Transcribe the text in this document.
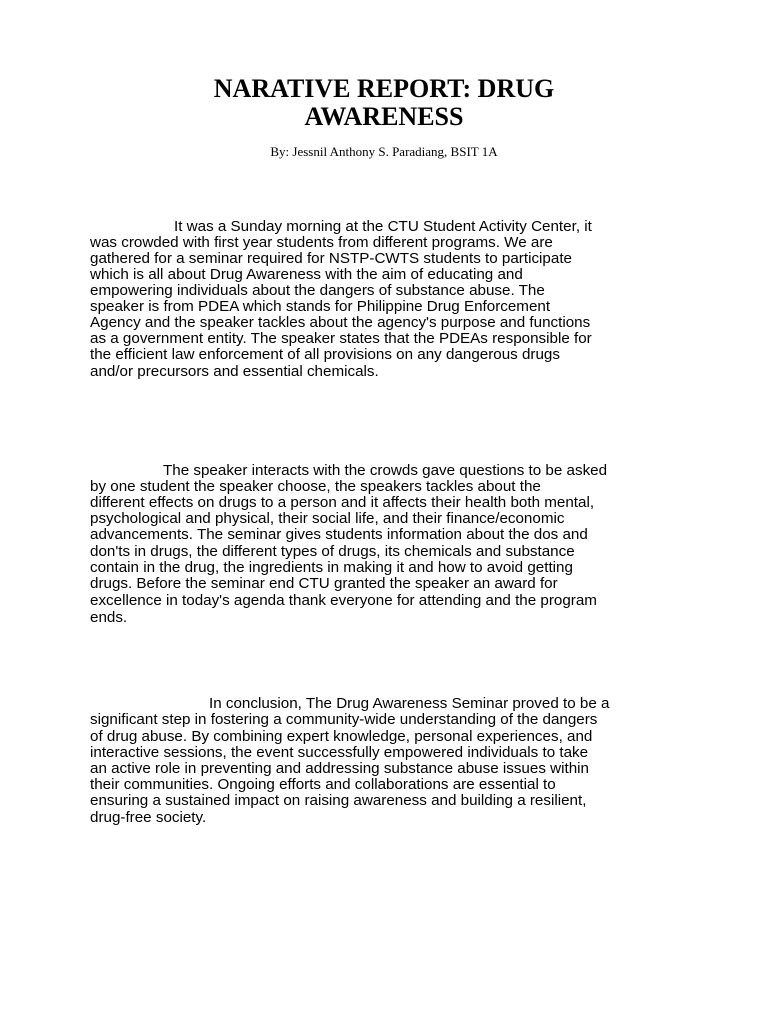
NARATIVE REPORT: DRUG
AWARENESS
By: Jessnil Anthony S. Paradiang, BSIT 1A
It was a Sunday morning at the CTU Student Activity Center, it
was crowded with first year students from different programs. We are
gathered for a seminar required for NSTP-CWTS students to participate
which is all about Drug Awareness with the aim of educating and
empowering individuals about the dangers of substance abuse. The
speaker is from PDEA which stands for Philippine Drug Enforcement
Agency and the speaker tackles about the agency's purpose and functions
as a government entity. The speaker states that the PDEAs responsible for
the efficient law enforcement of all provisions on any dangerous drugs
and/or precursors and essential chemicals.
The speaker interacts with the crowds gave questions to be asked
by one student the speaker choose, the speakers tackles about the
different effects on drugs to a person and it affects their health both mental,
psychological and physical, their social life, and their finance/economic
advancements. The seminar gives students information about the dos and
don'ts in drugs, the different types of drugs, its chemicals and substance
contain in the drug, the ingredients in making it and how to avoid getting
drugs. Before the seminar end CTU granted the speaker an award for
excellence in today's agenda thank everyone for attending and the program
ends.
In conclusion, The Drug Awareness Seminar proved to be a
significant step in fostering a community-wide understanding of the dangers
of drug abuse. By combining expert knowledge, personal experiences, and
interactive sessions, the event successfully empowered individuals to take
an active role in preventing and addressing substance abuse issues within
their communities. Ongoing efforts and collaborations are essential to
ensuring a sustained impact on raising awareness and building a resilient,
drug-free society.
